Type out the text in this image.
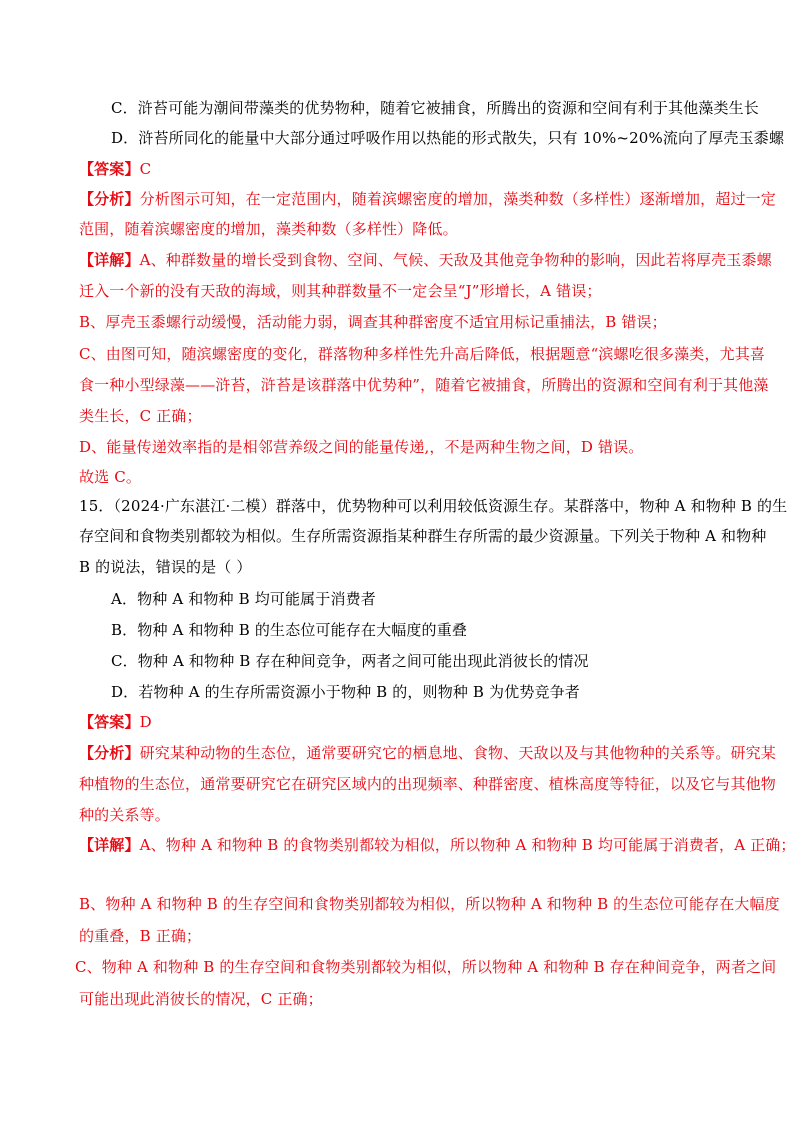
C．浒苔可能为潮间带藻类的优势物种，随着它被捕食，所腾出的资源和空间有利于其他藻类生长
D．浒苔所同化的能量中大部分通过呼吸作用以热能的形式散失，只有 10%~20%流向了厚壳玉黍螺
【答案】C
【分析】分析图示可知，在一定范围内，随着滨螺密度的增加，藻类种数（多样性）逐渐增加，超过一定
范围，随着滨螺密度的增加，藻类种数（多样性）降低。
【详解】A、种群数量的增长受到食物、空间、气候、天敌及其他竞争物种的影响，因此若将厚壳玉黍螺
迁入一个新的没有天敌的海域，则其种群数量不一定会呈“J”形增长，A 错误；
B、厚壳玉黍螺行动缓慢，活动能力弱，调查其种群密度不适宜用标记重捕法，B 错误；
C、由图可知，随滨螺密度的变化，群落物种多样性先升高后降低，根据题意“滨螺吃很多藻类，尤其喜
食一种小型绿藻——浒苔，浒苔是该群落中优势种”，随着它被捕食，所腾出的资源和空间有利于其他藻
类生长，C 正确；
D、能量传递效率指的是相邻营养级之间的能量传递,，不是两种生物之间，D 错误。
故选 C。
15．（2024·广东湛江·二模）群落中，优势物种可以利用较低资源生存。某群落中，物种 A 和物种 B 的生
存空间和食物类别都较为相似。生存所需资源指某种群生存所需的最少资源量。下列关于物种 A 和物种
B 的说法，错误的是（ ）
A．物种 A 和物种 B 均可能属于消费者
B．物种 A 和物种 B 的生态位可能存在大幅度的重叠
C．物种 A 和物种 B 存在种间竞争，两者之间可能出现此消彼长的情况
D．若物种 A 的生存所需资源小于物种 B 的，则物种 B 为优势竞争者
【答案】D
【分析】研究某种动物的生态位，通常要研究它的栖息地、食物、天敌以及与其他物种的关系等。研究某
种植物的生态位，通常要研究它在研究区域内的出现频率、种群密度、植株高度等特征，以及它与其他物
种的关系等。
【详解】A、物种 A 和物种 B 的食物类别都较为相似，所以物种 A 和物种 B 均可能属于消费者，A 正确；
B、物种 A 和物种 B 的生存空间和食物类别都较为相似，所以物种 A 和物种 B 的生态位可能存在大幅度
的重叠，B 正确；
C、物种 A 和物种 B 的生存空间和食物类别都较为相似，所以物种 A 和物种 B 存在种间竞争，两者之间
可能出现此消彼长的情况，C 正确；
